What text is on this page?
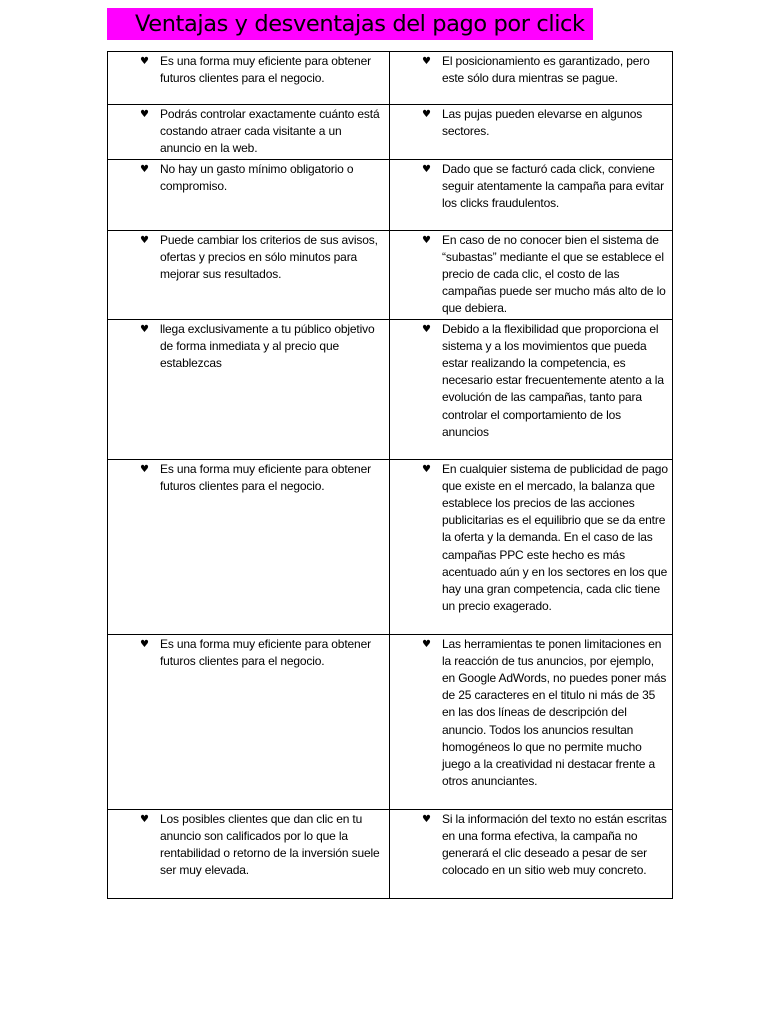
Ventajas y desventajas del pago por click
♥ Es una forma muy eficiente para obtener futuros clientes para el negocio.	♥ El posicionamiento es garantizado, pero este sólo dura mientras se pague.

♥ Podrás controlar exactamente cuánto está costando atraer cada visitante a un anuncio en la web.	♥ Las pujas pueden elevarse en algunos sectores.

♥ No hay un gasto mínimo obligatorio o compromiso.	♥ Dado que se facturó cada click, conviene seguir atentamente la campaña para evitar los clicks fraudulentos.

♥ Puede cambiar los criterios de sus avisos, ofertas y precios en sólo minutos para mejorar sus resultados.	♥ En caso de no conocer bien el sistema de “subastas” mediante el que se establece el precio de cada clic, el costo de las campañas puede ser mucho más alto de lo que debiera.

♥ llega exclusivamente a tu público objetivo de forma inmediata y al precio que establezcas	♥ Debido a la flexibilidad que proporciona el sistema y a los movimientos que pueda estar realizando la competencia, es necesario estar frecuentemente atento a la evolución de las campañas, tanto para controlar el comportamiento de los anuncios

♥ Es una forma muy eficiente para obtener futuros clientes para el negocio.	♥ En cualquier sistema de publicidad de pago que existe en el mercado, la balanza que establece los precios de las acciones publicitarias es el equilibrio que se da entre la oferta y la demanda. En el caso de las campañas PPC este hecho es más acentuado aún y en los sectores en los que hay una gran competencia, cada clic tiene un precio exagerado.

♥ Es una forma muy eficiente para obtener futuros clientes para el negocio.	♥ Las herramientas te ponen limitaciones en la reacción de tus anuncios, por ejemplo, en Google AdWords, no puedes poner más de 25 caracteres en el titulo ni más de 35 en las dos líneas de descripción del anuncio. Todos los anuncios resultan homogéneos lo que no permite mucho juego a la creatividad ni destacar frente a otros anunciantes.

♥ Los posibles clientes que dan clic en tu anuncio son calificados por lo que la rentabilidad o retorno de la inversión suele ser muy elevada.	♥ Si la información del texto no están escritas en una forma efectiva, la campaña no generará el clic deseado a pesar de ser colocado en un sitio web muy concreto.
